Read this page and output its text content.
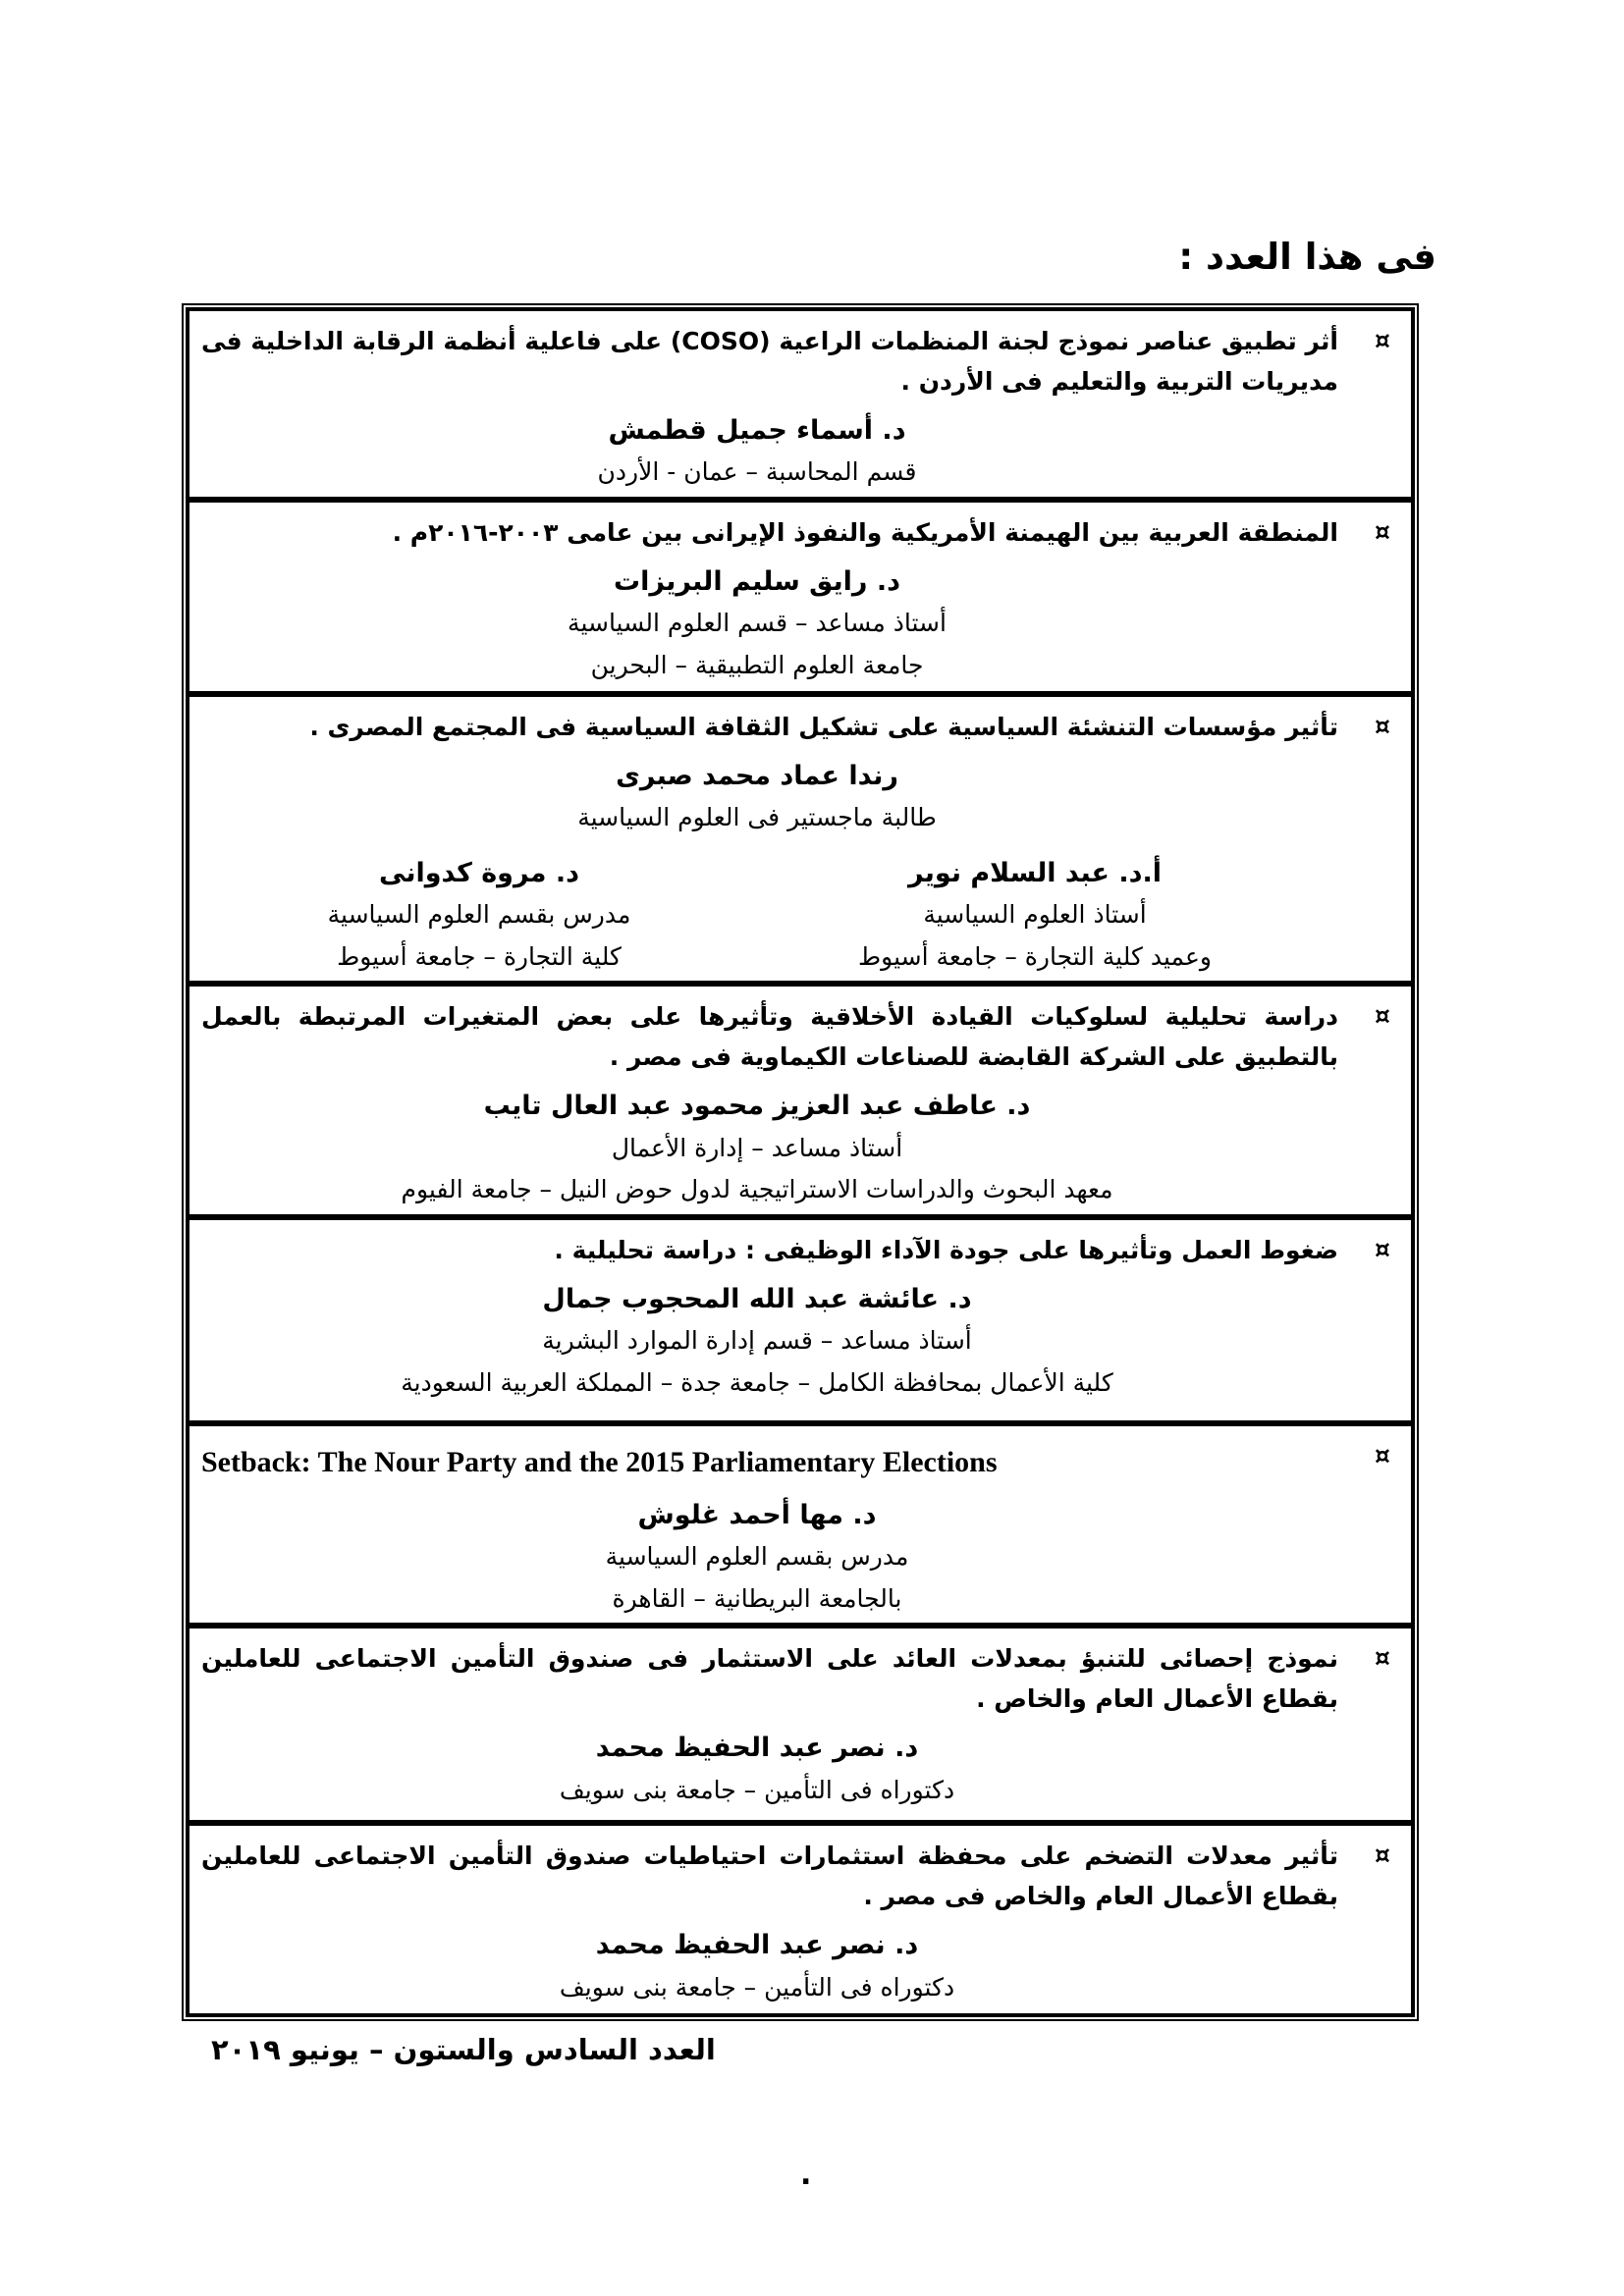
فى هذا العدد :
¤
أثر تطبيق عناصر نموذج لجنة المنظمات الراعية (COSO) على فاعلية أنظمة الرقابة الداخلية فى مديريات التربية والتعليم فى الأردن .
د. أسماء جميل قطمش
قسم المحاسبة – عمان - الأردن
¤
المنطقة العربية بين الهيمنة الأمريكية والنفوذ الإيرانى بين عامى ٢٠٠٣-٢٠١٦م .
د. رايق سليم البريزات
أستاذ مساعد – قسم العلوم السياسية
جامعة العلوم التطبيقية – البحرين
¤
تأثير مؤسسات التنشئة السياسية على تشكيل الثقافة السياسية فى المجتمع المصرى .
رندا عماد محمد صبرى
طالبة ماجستير فى العلوم السياسية
أ.د. عبد السلام نوير
أستاذ العلوم السياسية
وعميد كلية التجارة – جامعة أسيوط
د. مروة كدوانى
مدرس بقسم العلوم السياسية
كلية التجارة – جامعة أسيوط
¤
دراسة تحليلية لسلوكيات القيادة الأخلاقية وتأثيرها على بعض المتغيرات المرتبطة بالعمل بالتطبيق على الشركة القابضة للصناعات الكيماوية فى مصر .
د. عاطف عبد العزيز محمود عبد العال تايب
أستاذ مساعد – إدارة الأعمال
معهد البحوث والدراسات الاستراتيجية لدول حوض النيل – جامعة الفيوم
¤
ضغوط العمل وتأثيرها على جودة الآداء الوظيفى : دراسة تحليلية .
د. عائشة عبد الله المحجوب جمال
أستاذ مساعد – قسم إدارة الموارد البشرية
كلية الأعمال بمحافظة الكامل – جامعة جدة – المملكة العربية السعودية
¤
Setback: The Nour Party and the 2015 Parliamentary Elections
د. مها أحمد غلوش
مدرس بقسم العلوم السياسية
بالجامعة البريطانية – القاهرة
¤
نموذج إحصائى للتنبؤ بمعدلات العائد على الاستثمار فى صندوق التأمين الاجتماعى للعاملين بقطاع الأعمال العام والخاص .
د. نصر عبد الحفيظ محمد
دكتوراه فى التأمين – جامعة بنى سويف
¤
تأثير معدلات التضخم على محفظة استثمارات احتياطيات صندوق التأمين الاجتماعى للعاملين بقطاع الأعمال العام والخاص فى مصر .
د. نصر عبد الحفيظ محمد
دكتوراه فى التأمين – جامعة بنى سويف
العدد السادس والستون – يونيو ٢٠١٩
.
